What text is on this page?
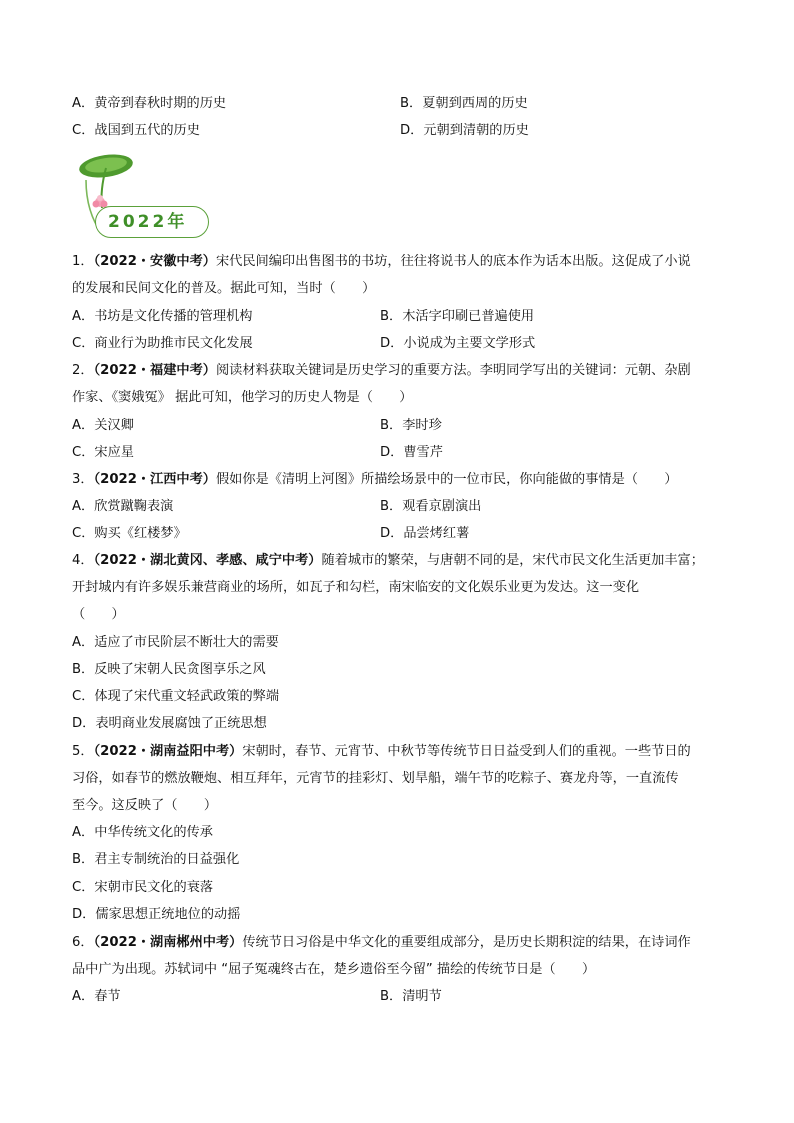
A．黄帝到春秋时期的历史	B．夏朝到西周的历史
C．战国到五代的历史	D．元朝到清朝的历史
2022年
1．（2022・安徽中考）宋代民间编印出售图书的书坊，往往将说书人的底本作为话本出版。这促成了小说
的发展和民间文化的普及。据此可知，当时（　　）
A．书坊是文化传播的管理机构	B．木活字印刷已普遍使用
C．商业行为助推市民文化发展	D．小说成为主要文学形式
2．（2022・福建中考）阅读材料获取关键词是历史学习的重要方法。李明同学写出的关键词：元朝、杂剧
作家、《窦娥冤》 据此可知，他学习的历史人物是（　　）
A．关汉卿	B．李时珍
C．宋应星	D．曹雪芹
3．（2022・江西中考）假如你是《清明上河图》所描绘场景中的一位市民，你向能做的事情是（　　）
A．欣赏蹴鞠表演	B．观看京剧演出
C．购买《红楼梦》	D．品尝烤红薯
4．（2022・湖北黄冈、孝感、咸宁中考）随着城市的繁荣，与唐朝不同的是，宋代市民文化生活更加丰富；
开封城内有许多娱乐兼营商业的场所，如瓦子和勾栏，南宋临安的文化娱乐业更为发达。这一变化
（　　）
A．适应了市民阶层不断壮大的需要
B．反映了宋朝人民贪图享乐之风
C．体现了宋代重文轻武政策的弊端
D．表明商业发展腐蚀了正统思想
5．（2022・湖南益阳中考）宋朝时，春节、元宵节、中秋节等传统节日日益受到人们的重视。一些节日的
习俗，如春节的燃放鞭炮、相互拜年，元宵节的挂彩灯、划旱船，端午节的吃粽子、赛龙舟等，一直流传
至今。这反映了（　　）
A．中华传统文化的传承
B．君主专制统治的日益强化
C．宋朝市民文化的衰落
D．儒家思想正统地位的动摇
6．（2022・湖南郴州中考）传统节日习俗是中华文化的重要组成部分，是历史长期积淀的结果，在诗词作
品中广为出现。苏轼词中 “屈子冤魂终古在，楚乡遗俗至今留” 描绘的传统节日是（　　）
A．春节	B．清明节
